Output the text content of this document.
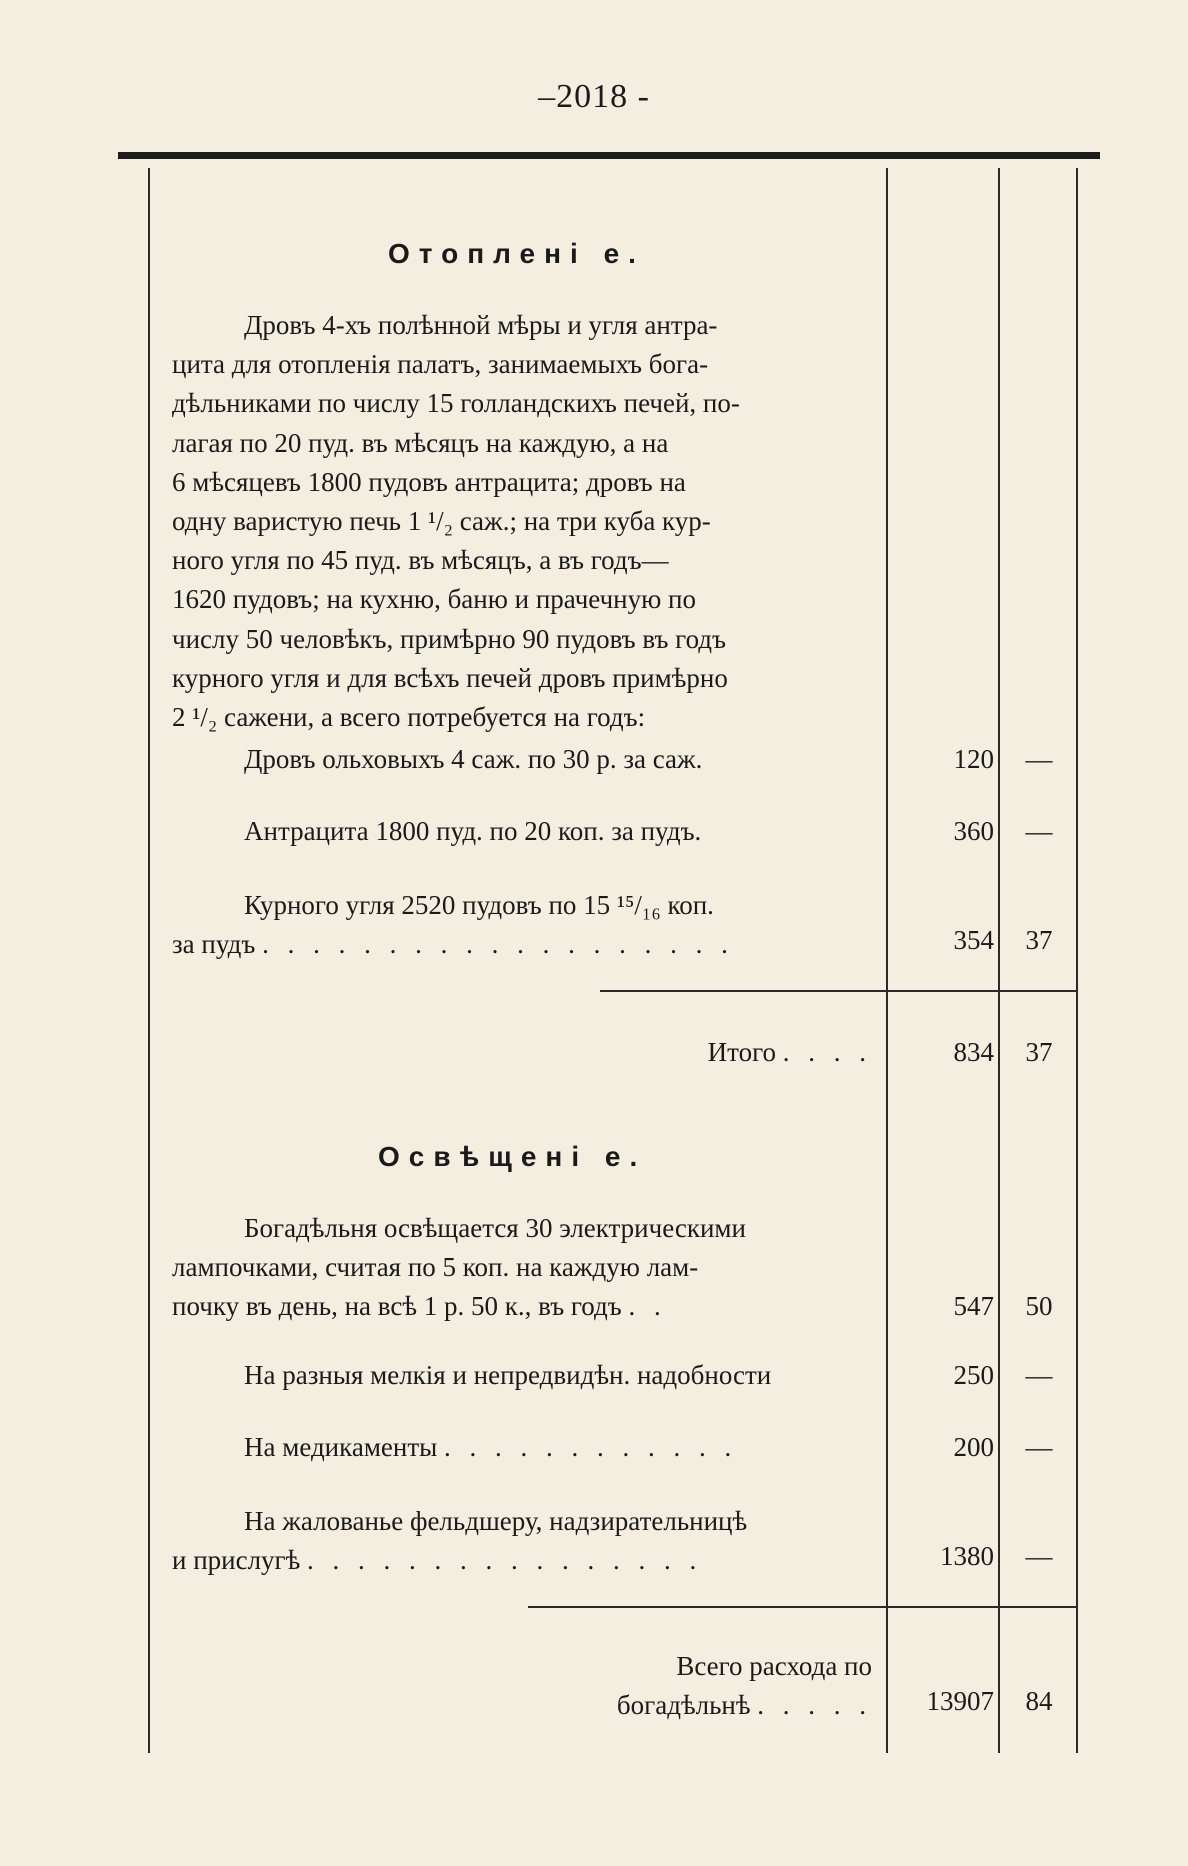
–2018 -
Отоплені е.
Дровъ 4-хъ полѣнной мѣры и угля антра-
цита для отопленія палатъ, занимаемыхъ бога-
дѣльниками по числу 15 голландскихъ печей, по-
лагая по 20 пуд. въ мѣсяцъ на каждую, а на
6 мѣсяцевъ 1800 пудовъ антрацита; дровъ на
одну варистую печь 1 ¹/₂ саж.; на три куба кур-
ного угля по 45 пуд. въ мѣсяцъ, а въ годъ—
1620 пудовъ; на кухню, баню и прачечную по
числу 50 человѣкъ, примѣрно 90 пудовъ въ годъ
курного угля и для всѣхъ печей дровъ примѣрно
2 ¹/₂ сажени, а всего потребуется на годъ:
Дровъ ольховыхъ 4 саж. по 30 р. за саж.	120	—
Антрацита 1800 пуд. по 20 коп. за пудъ.	360	—
Курного угля 2520 пудовъ по 15 ¹⁵/₁₆ коп.
за пудъ . . . . . . . . . . . . . . . . . . .	354	37
Итого . . . .	834	37
Освѣщені е.
Богадѣльня освѣщается 30 электрическими
лампочками, считая по 5 коп. на каждую лам-
почку въ день, на всѣ 1 р. 50 к., въ годъ . .	547	50
На разныя мелкія и непредвидѣн. надобности	250	—
На медикаменты . . . . . . . . . . . .	200	—
На жалованье фельдшеру, надзирательницѣ
и прислугѣ . . . . . . . . . . . . . . . .	1380	—
Всего расхода по
богадѣльнѣ . . . . .	13907	84
